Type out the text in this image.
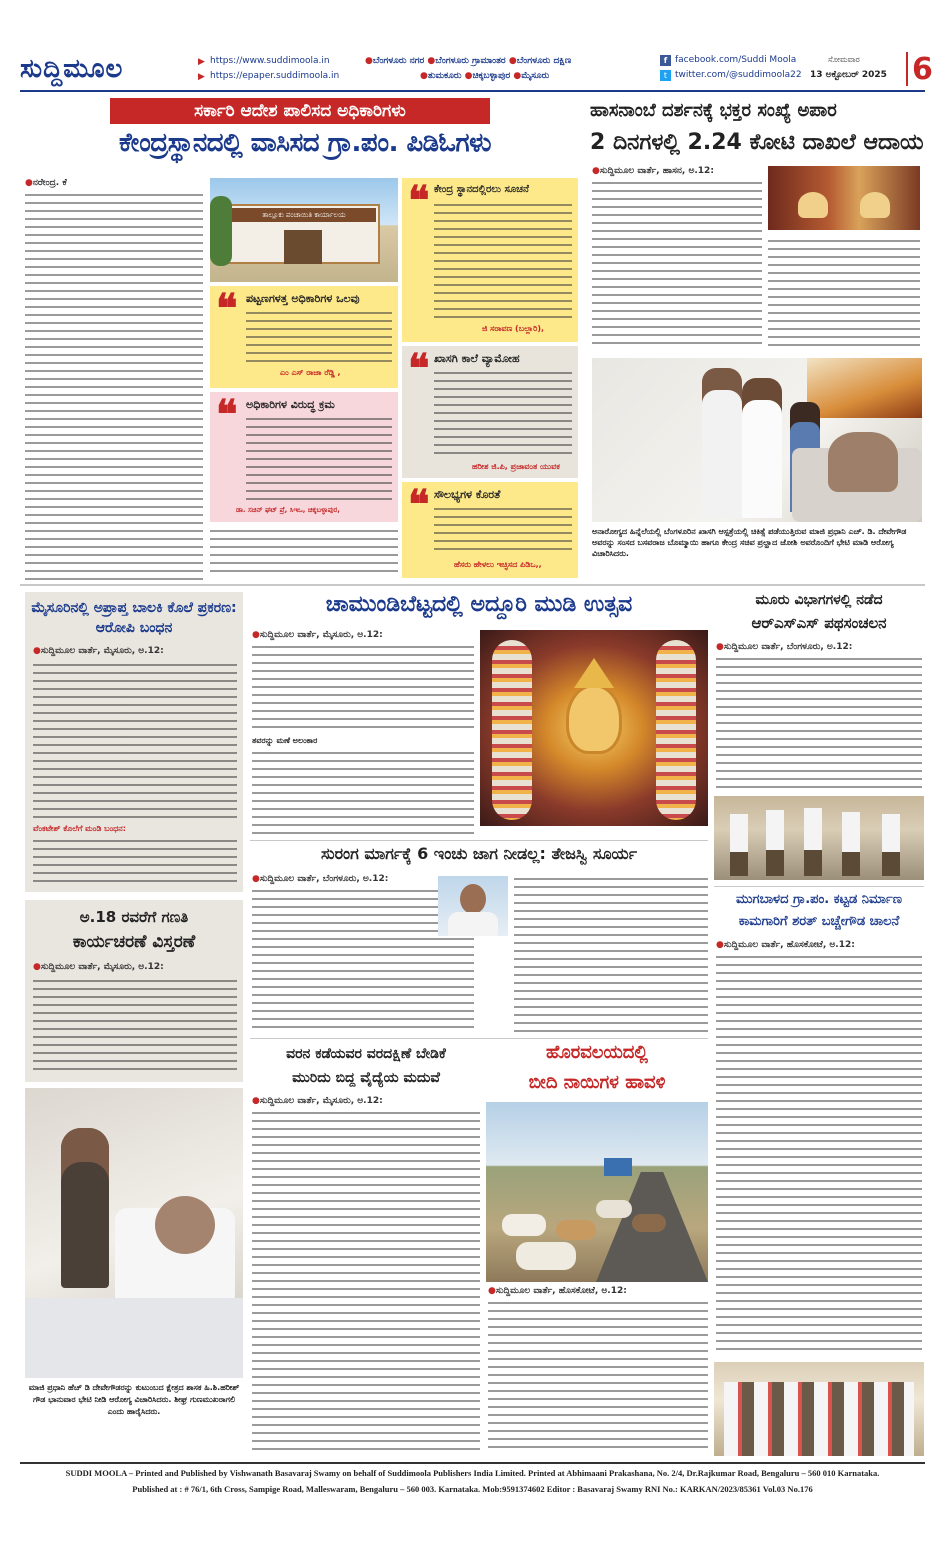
ಸುದ್ದಿಮೂಲ	▶ https://www.suddimoola.in
▶ https://epaper.suddimoola.in
● ಬೆಂಗಳೂರು ನಗರ ● ಬೆಂಗಳೂರು ಗ್ರಾಮಾಂತರ ● ಬೆಂಗಳೂರು ದಕ್ಷಿಣ
● ತುಮಕೂರು ● ಚಿಕ್ಕಬಳ್ಳಾಪುರ ● ಮೈಸೂರು
f facebook.com/Suddi Moola
t twitter.com/@suddimoola22
ಸೋಮವಾರ
13 ಅಕ್ಟೋಬರ್ 2025 6
ಸರ್ಕಾರಿ ಆದೇಶ ಪಾಲಿಸದ ಅಧಿಕಾರಿಗಳು
ಕೇಂದ್ರಸ್ಥಾನದಲ್ಲಿ ವಾಸಿಸದ ಗ್ರಾ.ಪಂ. ಪಿಡಿಓಗಳು
● ನರೇಂದ್ರ. ಕೆ
ತಾಲ್ಲೂಕು ಪಂಚಾಯಿತಿ ಕಾರ್ಯಾಲಯ
❝ ಪಟ್ಟಣಗಳತ್ತ ಅಧಿಕಾರಿಗಳ ಒಲವು
ಎಂ ಎಸ್ ರಾಜಾ ರೆಡ್ಡಿ ,
❝ ಅಧಿಕಾರಿಗಳ ವಿರುದ್ಧ ಕ್ರಮ
ಡಾ. ಸಚಿನ್ ಘಟ್ ಪ್ರೆ, ಸಿಇಒ, ಚಿಕ್ಕಬಳ್ಳಾಪುರ,
❝ ಕೇಂದ್ರ ಸ್ಥಾನದಲ್ಲಿರಲು ಸೂಚನೆ
ಜಿ ಸರಾವಣ (ಬಲ್ಲಾರಿ),
❝ ಖಾಸಗಿ ಕಾಲೆ ವ್ಯಾಮೋಹ
ಹರೀಶ ಜಿ.ಪಿ, ಪ್ರಜಾವಂತ ಯುವಕ
❝ ಸೌಲಭ್ಯಗಳ ಕೊರತೆ
ಹೆಸರು ಹೇಳಲು ಇಚ್ಛಿಸದ ಪಿಡಿಒ,,
ಹಾಸನಾಂಬೆ ದರ್ಶನಕ್ಕೆ ಭಕ್ತರ ಸಂಖ್ಯೆ ಅಪಾರ
2 ದಿನಗಳಲ್ಲಿ 2.24 ಕೋಟಿ ದಾಖಲೆ ಆದಾಯ
● ಸುದ್ದಿಮೂಲ ವಾರ್ತೆ, ಹಾಸನ, ಅ.12:
ಅನಾರೋಗ್ಯದ ಹಿನ್ನೆಲೆಯಲ್ಲಿ ಬೆಂಗಳೂರಿನ ಖಾಸಗಿ ಆಸ್ಪತ್ರೆಯಲ್ಲಿ ಚಿಕಿತ್ಸೆ ಪಡೆಯುತ್ತಿರುವ ಮಾಜಿ ಪ್ರಧಾನಿ ಎಚ್. ಡಿ. ದೇವೇಗೌಡ ಅವರನ್ನು ಸಂಸದ ಬಸವರಾಜ ಬೊಮ್ಮಾಯಿ ಹಾಗೂ ಕೇಂದ್ರ ಸಚಿವ ಪ್ರಲ್ಹಾದ ಜೋಶಿ ಅವರೊಂದಿಗೆ ಭೇಟಿ ಮಾಡಿ ಆರೋಗ್ಯ ವಿಚಾರಿಸಿದರು.
ಮೈಸೂರಿನಲ್ಲಿ ಅಪ್ರಾಪ್ತ ಬಾಲಕಿ ಕೊಲೆ ಪ್ರಕರಣ: ಆರೋಪಿ ಬಂಧನ
● ಸುದ್ದಿಮೂಲ ವಾರ್ತೆ, ಮೈಸೂರು, ಅ.12:
ವೆಂಕಟೇಶ್ ಕೊಲೆಗೆ ಮಂಡಿ ಬಂಧನ:
ಅ.18 ರವರೆಗೆ ಗಣತಿ
ಕಾರ್ಯಚರಣೆ ವಿಸ್ತರಣೆ
● ಸುದ್ದಿಮೂಲ ವಾರ್ತೆ, ಮೈಸೂರು, ಅ.12:
ಮಾಜಿ ಪ್ರಧಾನಿ ಹೆಚ್ ಡಿ ದೇವೇಗೌಡರನ್ನು ಕುಟುಂಬದ ಕ್ಷೇತ್ರದ ಶಾಸಕ ಹಿ.ಶಿ.ಹರೀಶ್ ಗೌಡ ಭಾನುವಾರ ಭೇಟಿ ನೀಡಿ ಆರೋಗ್ಯ ವಿಚಾರಿಸಿದರು. ಶೀಘ್ರ ಗುಣಮುಖರಾಗಲಿ ಎಂದು ಹಾರೈಸಿದರು.
ಚಾಮುಂಡಿಬೆಟ್ಟದಲ್ಲಿ ಅದ್ದೂರಿ ಮುಡಿ ಉತ್ಸವ
● ಸುದ್ದಿಮೂಲ ವಾರ್ತೆ, ಮೈಸೂರು, ಅ.12:
ತವರನ್ನು ಮಣೆ ಅಲಂಕಾರ
ಸುರಂಗ ಮಾರ್ಗಕ್ಕೆ 6 ಇಂಚು ಜಾಗ ನೀಡಲ್ಲ: ತೇಜಸ್ವಿ ಸೂರ್ಯ
● ಸುದ್ದಿಮೂಲ ವಾರ್ತೆ, ಬೆಂಗಳೂರು, ಅ.12:
ವರನ ಕಡೆಯವರ ವರದಕ್ಷಿಣೆ ಬೇಡಿಕೆ
ಮುರಿದು ಬಿದ್ದ ವೈದ್ಯೆಯ ಮದುವೆ
● ಸುದ್ದಿಮೂಲ ವಾರ್ತೆ, ಮೈಸೂರು, ಅ.12:
ಹೊರವಲಯದಲ್ಲಿ
ಬೀದಿ ನಾಯಿಗಳ ಹಾವಳಿ
● ಸುದ್ದಿಮೂಲ ವಾರ್ತೆ, ಹೊಸಕೋಟೆ, ಅ.12:
ಮೂರು ವಿಭಾಗಗಳಲ್ಲಿ ನಡೆದ
ಆರ್‌ಎಸ್‌ಎಸ್ ಪಥಸಂಚಲನ
● ಸುದ್ದಿಮೂಲ ವಾರ್ತೆ, ಬೆಂಗಳೂರು, ಅ.12:
ಮುಗಬಾಳದ ಗ್ರಾ.ಪಂ. ಕಟ್ಟಡ ನಿರ್ಮಾಣ
ಕಾಮಗಾರಿಗೆ ಶರತ್ ಬಚ್ಚೇಗೌಡ ಚಾಲನೆ
● ಸುದ್ದಿಮೂಲ ವಾರ್ತೆ, ಹೊಸಕೋಟೆ, ಅ.12:
SUDDI MOOLA – Printed and Published by Vishwanath Basavaraj Swamy on behalf of Suddimoola Publishers India Limited. Printed at Abhimaani Prakashana, No. 2/4, Dr.Rajkumar Road, Bengaluru – 560 010 Karnataka.
Published at : # 76/1, 6th Cross, Sampige Road, Malleswaram, Bengaluru – 560 003. Karnataka. Mob:9591374602 Editor : Basavaraj Swamy RNI No.: KARKAN/2023/85361 Vol.03 No.176
